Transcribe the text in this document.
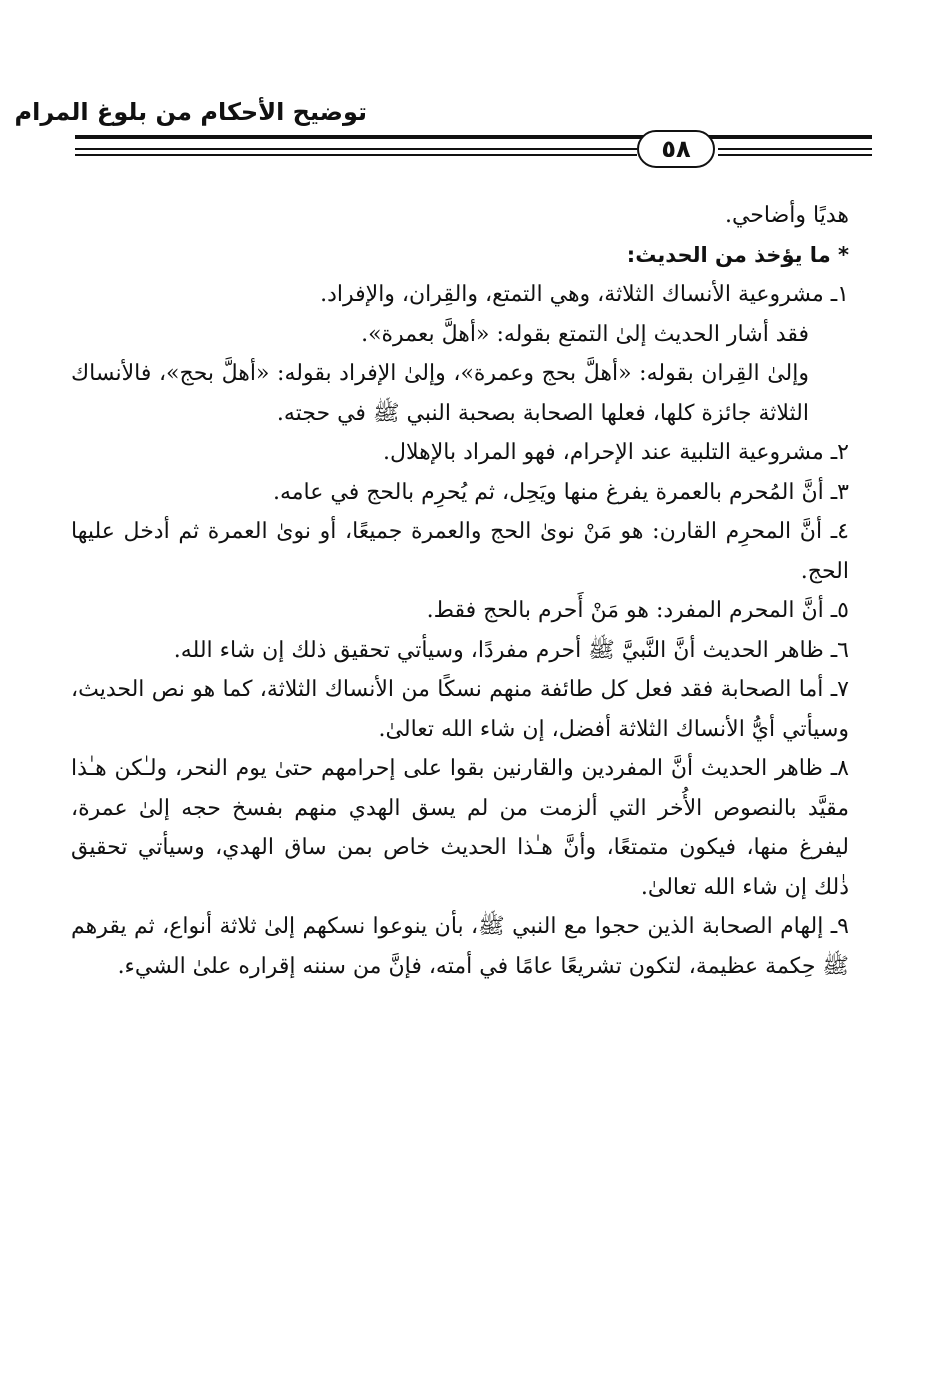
توضيح الأحكام من بلوغ المرام
٥٨

هديًا وأضاحي.

* ما يؤخذ من الحديث:

١ـ مشروعية الأنساك الثلاثة، وهي التمتع، والقِران، والإفراد.

فقد أشار الحديث إلىٰ التمتع بقوله: «أهلَّ بعمرة».

وإلىٰ القِران بقوله: «أهلَّ بحج وعمرة»، وإلىٰ الإفراد بقوله: «أهلَّ بحج»، فالأنساك الثلاثة جائزة كلها، فعلها الصحابة بصحبة النبي ﷺ في حجته.

٢ـ مشروعية التلبية عند الإحرام، فهو المراد بالإهلال.

٣ـ أنَّ المُحرم بالعمرة يفرغ منها ويَحِل، ثم يُحرِم بالحج في عامه.

٤ـ أنَّ المحرِم القارن: هو مَنْ نوىٰ الحج والعمرة جميعًا، أو نوىٰ العمرة ثم أدخل عليها الحج.

٥ـ أنَّ المحرم المفرد: هو مَنْ أَحرم بالحج فقط.

٦ـ ظاهر الحديث أنَّ النَّبيَّ ﷺ أحرم مفردًا، وسيأتي تحقيق ذلك إن شاء الله.

٧ـ أما الصحابة فقد فعل كل طائفة منهم نسكًا من الأنساك الثلاثة، كما هو نص الحديث، وسيأتي أيُّ الأنساك الثلاثة أفضل، إن شاء الله تعالىٰ.

٨ـ ظاهر الحديث أنَّ المفردين والقارنين بقوا على إحرامهم حتىٰ يوم النحر، ولـٰكن هـٰذا مقيَّد بالنصوص الأُخر التي ألزمت من لم يسق الهدي منهم بفسخ حجه إلىٰ عمرة، ليفرغ منها، فيكون متمتعًا، وأنَّ هـٰذا الحديث خاص بمن ساق الهدي، وسيأتي تحقيق ذٰلك إن شاء الله تعالىٰ.

٩ـ إلهام الصحابة الذين حجوا مع النبي ﷺ، بأن ينوعوا نسكهم إلىٰ ثلاثة أنواع، ثم يقرهم ﷺ حِكمة عظيمة، لتكون تشريعًا عامًا في أمته، فإنَّ من سننه إقراره علىٰ الشيء.
